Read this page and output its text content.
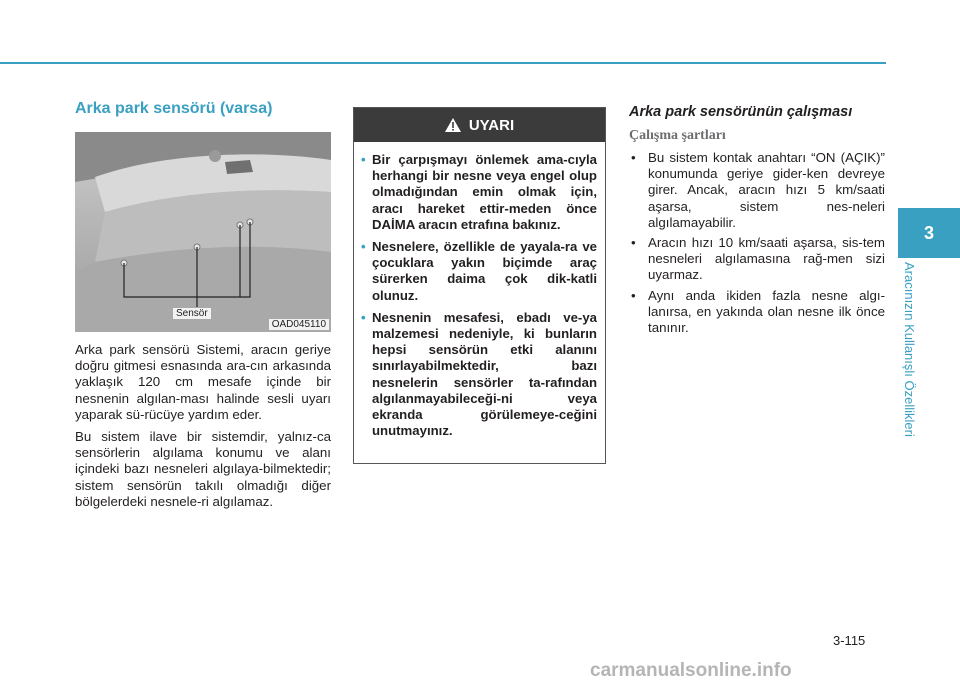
Arka park sensörü (varsa)
Sensör
OAD045110

Arka park sensörü Sistemi, aracın geriye doğru gitmesi esnasında ara-cın arkasında yaklaşık 120 cm mesafe içinde bir nesnenin algılan-ması halinde sesli uyarı yaparak sü-rücüye yardım eder.

Bu sistem ilave bir sistemdir, yalnız-ca sensörlerin algılama konumu ve alanı içindeki bazı nesneleri algılaya-bilmektedir; sistem sensörün takılı olmadığı diğer bölgelerdeki nesnele-ri algılamaz.

UYARI
• Bir çarpışmayı önlemek ama-cıyla herhangi bir nesne veya engel olup olmadığından emin olmak için, aracı hareket ettir-meden önce DAİMA aracın etrafına bakınız.
• Nesnelere, özellikle de yayala-ra ve çocuklara yakın biçimde araç sürerken daima çok dik-katli olunuz.
• Nesnenin mesafesi, ebadı ve-ya malzemesi nedeniyle, ki bunların hepsi sensörün etki alanını sınırlayabilmektedir, bazı nesnelerin sensörler ta-rafından algılanmayabileceği-ni veya ekranda görülemeye-ceğini unutmayınız.
Arka park sensörünün çalışması
Çalışma şartları
• Bu sistem kontak anahtarı “ON (AÇIK)” konumunda geriye gider-ken devreye girer. Ancak, aracın hızı 5 km/saati aşarsa, sistem nes-neleri algılamayabilir.
• Aracın hızı 10 km/saati aşarsa, sis-tem nesneleri algılamasına rağ-men sizi uyarmaz.
• Aynı anda ikiden fazla nesne algı-lanırsa, en yakında olan nesne ilk önce tanınır.
3
Aracınızın Kullanışlı Özellikleri
3-115
carmanualsonline.info
